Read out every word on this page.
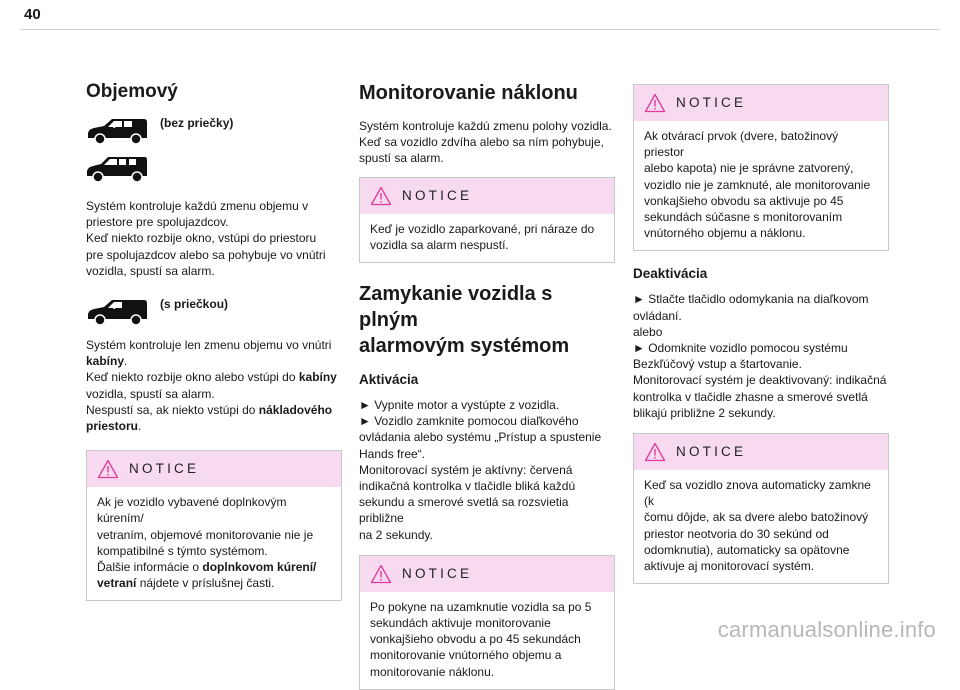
40
Objemový
(bez priečky)

Systém kontroluje každú zmenu objemu v
priestore pre spolujazdcov.
Keď niekto rozbije okno, vstúpi do priestoru
pre spolujazdcov alebo sa pohybuje vo vnútri
vozidla, spustí sa alarm.

(s priečkou)

Systém kontroluje len zmenu objemu vo vnútri
kabíny.
Keď niekto rozbije okno alebo vstúpi do kabíny
vozidla, spustí sa alarm.
Nespustí sa, ak niekto vstúpi do nákladového
priestoru.

NOTICE
Ak je vozidlo vybavené doplnkovým kúrením/
vetraním, objemové monitorovanie nie je
kompatibilné s týmto systémom.
Ďalšie informácie o doplnkovom kúrení/
vetraní nájdete v príslušnej časti.
Monitorovanie náklonu

Systém kontroluje každú zmenu polohy vozidla.
Keď sa vozidlo zdvíha alebo sa ním pohybuje,
spustí sa alarm.

NOTICE
Keď je vozidlo zaparkované, pri náraze do
vozidla sa alarm nespustí.
Zamykanie vozidla s plným
alarmovým systémom
Aktivácia

► Vypnite motor a vystúpte z vozidla.
► Vozidlo zamknite pomocou diaľkového
ovládania alebo systému „Prístup a spustenie
Hands free“.
Monitorovací systém je aktívny: červená
indikačná kontrolka v tlačidle bliká každú
sekundu a smerové svetlá sa rozsvietia približne
na 2 sekundy.

NOTICE
Po pokyne na uzamknutie vozidla sa po 5
sekundách aktivuje monitorovanie
vonkajšieho obvodu a po 45 sekundách
monitorovanie vnútorného objemu a
monitorovanie náklonu.
NOTICE
Ak otvárací prvok (dvere, batožinový priestor
alebo kapota) nie je správne zatvorený,
vozidlo nie je zamknuté, ale monitorovanie
vonkajšieho obvodu sa aktivuje po 45
sekundách súčasne s monitorovaním
vnútorného objemu a náklonu.
Deaktivácia

► Stlačte tlačidlo odomykania na diaľkovom
ovládaní.
alebo
► Odomknite vozidlo pomocou systému
Bezkľúčový vstup a štartovanie.
Monitorovací systém je deaktivovaný: indikačná
kontrolka v tlačidle zhasne a smerové svetlá
blikajú približne 2 sekundy.

NOTICE
Keď sa vozidlo znova automaticky zamkne (k
čomu dôjde, ak sa dvere alebo batožinový
priestor neotvoria do 30 sekúnd od
odomknutia), automaticky sa opätovne
aktivuje aj monitorovací systém.
carmanualsonline.info
